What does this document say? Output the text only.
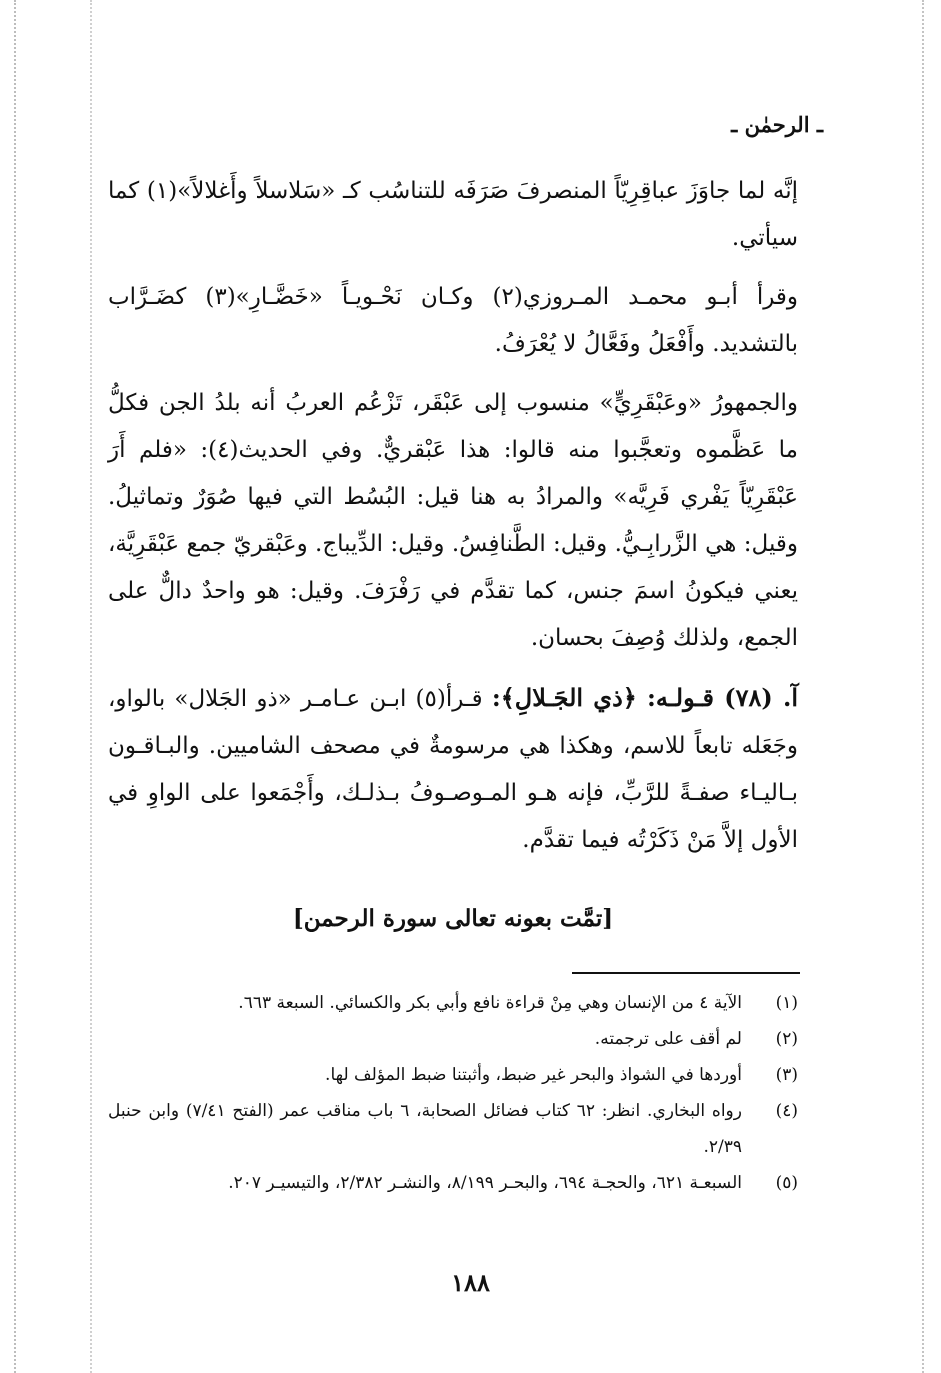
ـ الرحمٰن ـ

إنَّه لما جاوَزَ عباقِرِيّاً المنصرفَ صَرَفَه للتناسُب كـ «سَلاسلاً وأَغلالاً»(١) كما سيأتي.

وقرأ أبـو محمـد المـروزي(٢) وكـان نَحْـويـاً «خَضَّـارِ»(٣) كضَـرَّاب بالتشديد. وأَفْعَلُ وفَعَّالُ لا يُعْرَفُ.

والجمهورُ «وعَبْقَرِيٍّ» منسوب إلى عَبْقَر، تَزْعُم العربُ أنه بلدُ الجن فكلُّ ما عَظَّموه وتعجَّبوا منه قالوا: هذا عَبْقريٌّ. وفي الحديث(٤): «فلم أَرَ عَبْقَرِيّاً يَفْري فَرِيَّه» والمرادُ به هنا قيل: البُسُط التي فيها صُوَرٌ وتماثيلُ. وقيل: هي الزَّرابِـيُّ. وقيل: الطَّنافِسُ. وقيل: الدِّيباج. وعَبْقريّ جمع عَبْقَرِيَّة، يعني فيكونُ اسمَ جنس، كما تقدَّم في رَفْرَفَ. وقيل: هو واحدٌ دالٌّ على الجمع، ولذلك وُصِفَ بحسان.

آ. (٧٨) قـولـه: ﴿ذي الجَـلالِ﴾: قـرأ(٥) ابـن عـامـر «ذو الجَلال» بالواو، وجَعَله تابعاً للاسم، وهكذا هي مرسومةٌ في مصحف الشاميين. والبـاقـون بـاليـاء صفـةً للرَّبِّ، فإنه هـو المـوصـوفُ بـذلـك، وأَجْمَعوا على الواوِ في الأول إلاَّ مَنْ ذَكَرْتُه فيما تقدَّم.

[تمَّت بعونه تعالى سورة الرحمن]
(١)
الآية ٤ من الإنسان وهي مِنْ قراءة نافع وأبي بكر والكسائي. السبعة ٦٦٣.
(٢)
لم أقف على ترجمته.
(٣)
أوردها في الشواذ والبحر غير ضبط، وأثبتنا ضبط المؤلف لها.
(٤)
رواه البخاري. انظر: ٦٢ كتاب فضائل الصحابة، ٦ باب مناقب عمر (الفتح ٧/٤١) وابن حنبل ٢/٣٩.
(٥)
السبعـة ٦٢١، والحجـة ٦٩٤، والبحـر ٨/١٩٩، والنشـر ٢/٣٨٢، والتيسيـر ٢٠٧.
١٨٨
